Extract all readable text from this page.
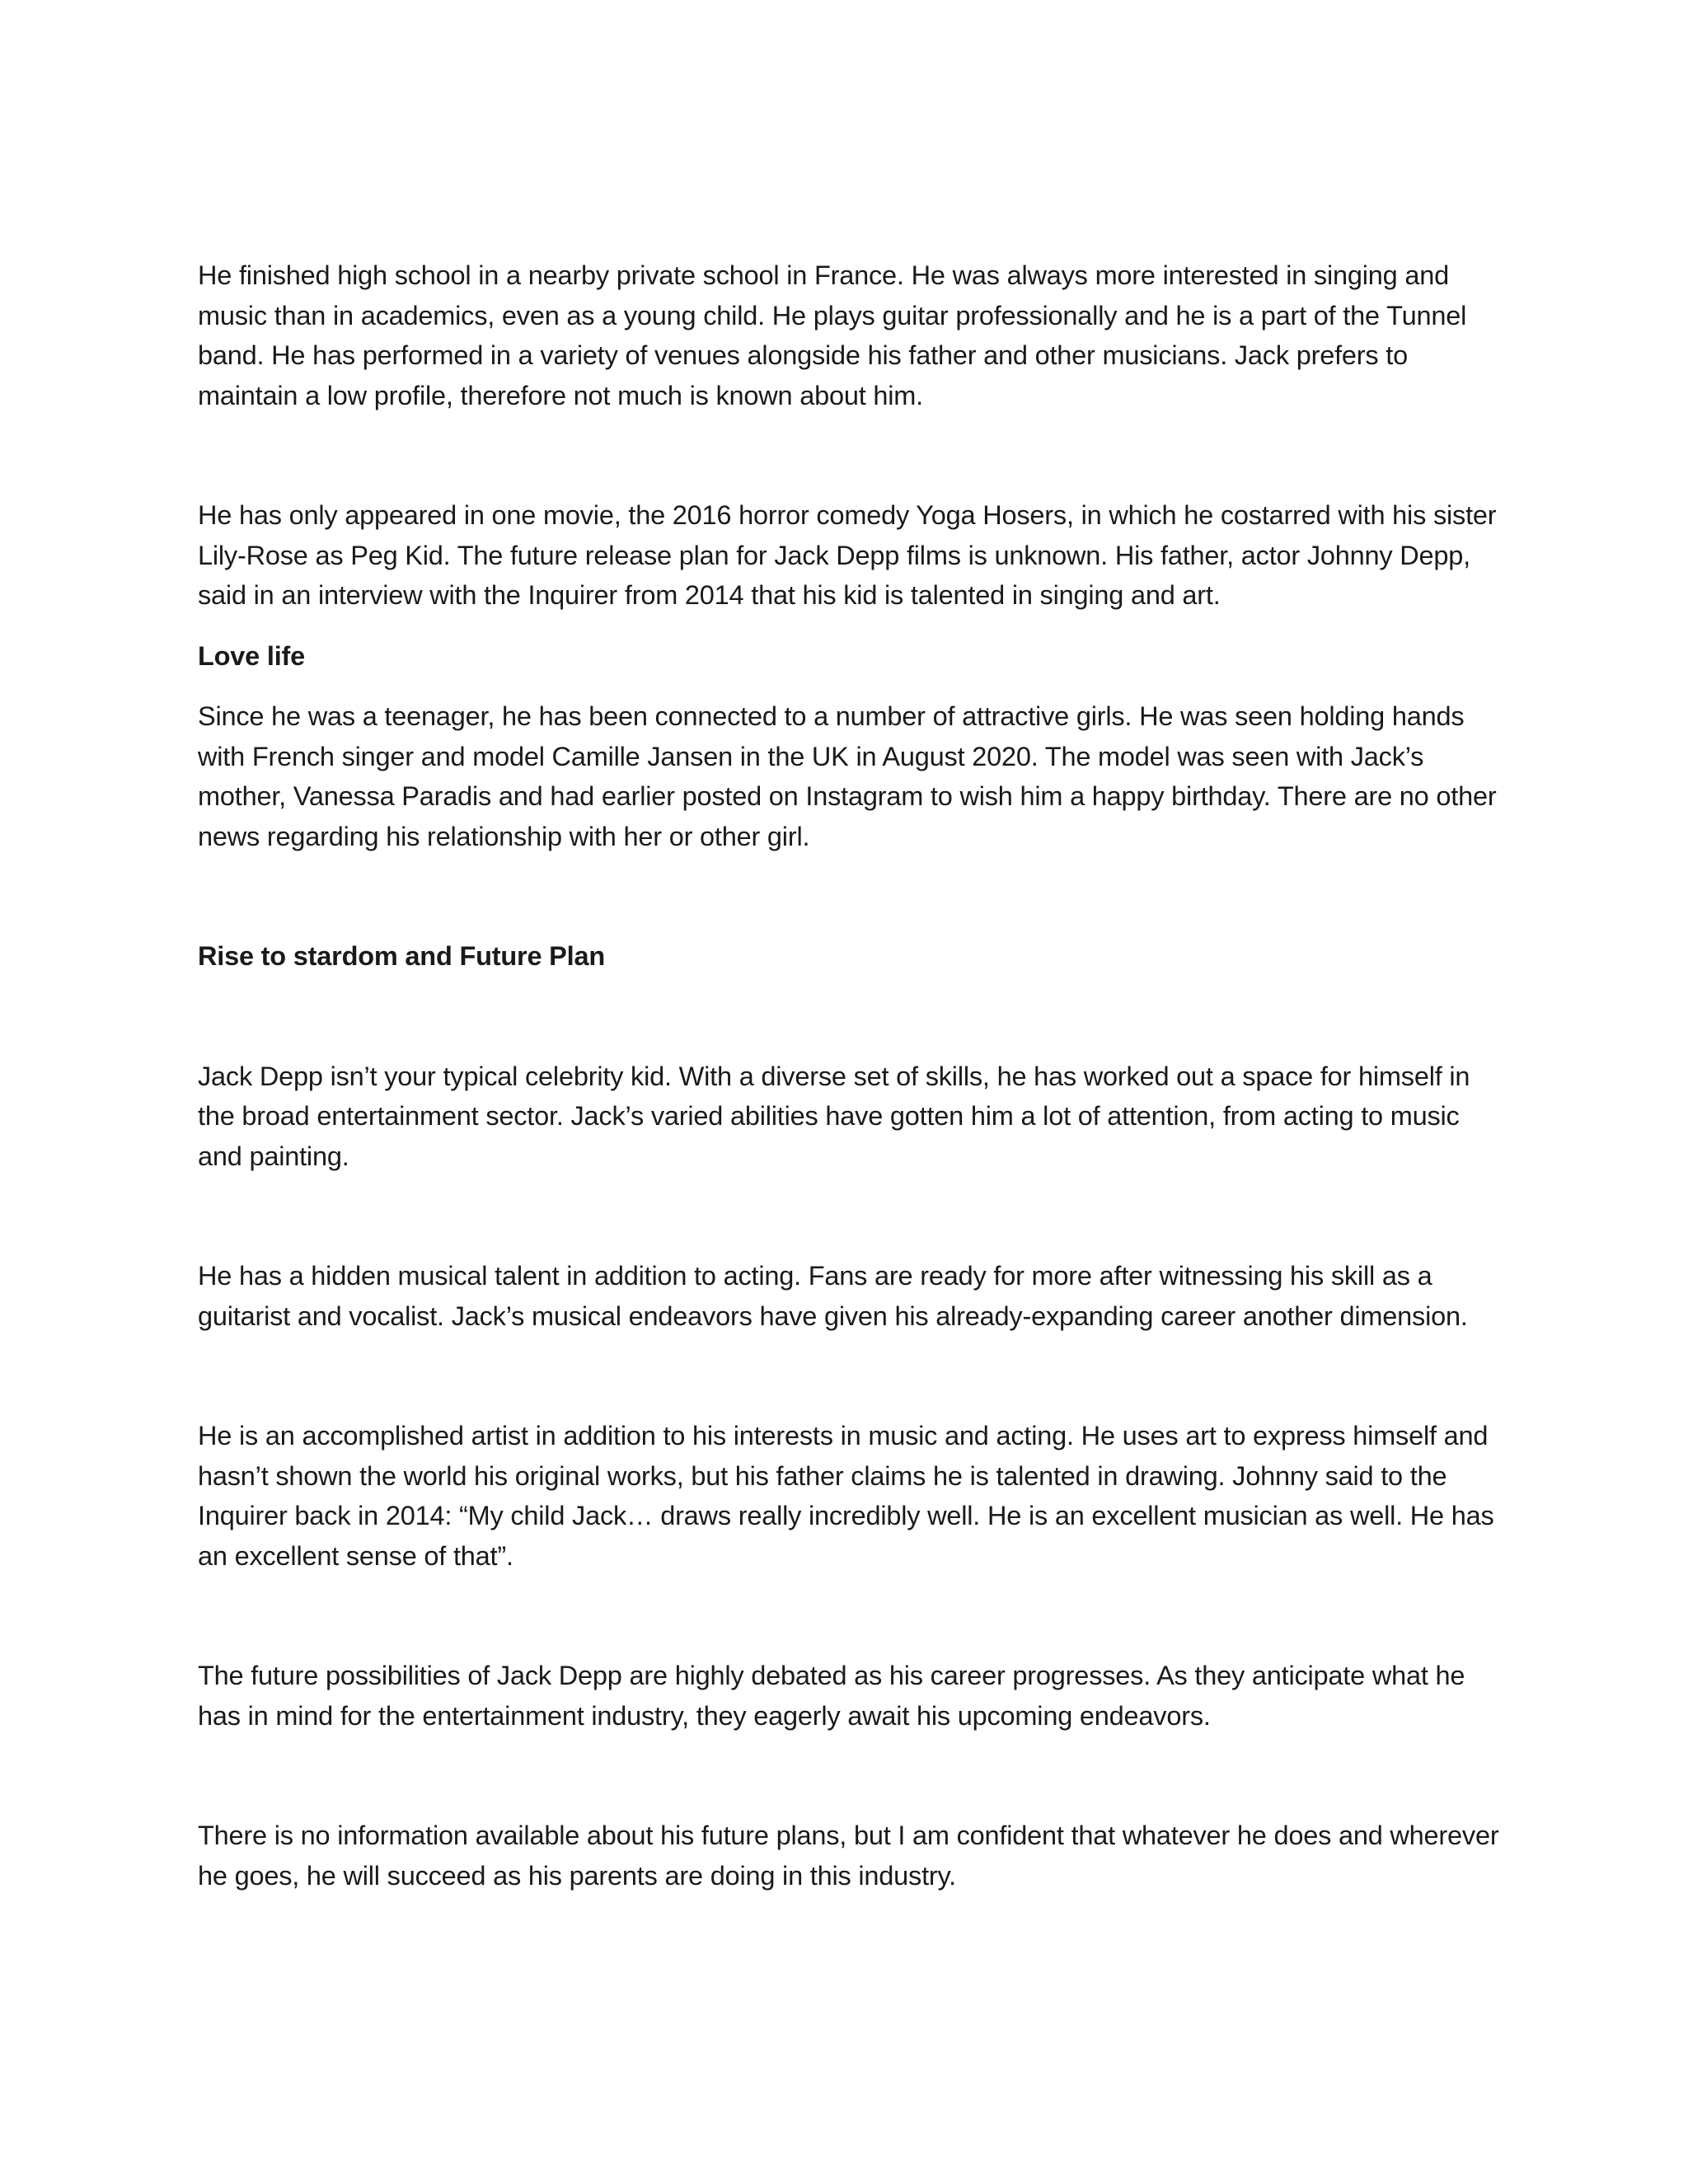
He finished high school in a nearby private school in France. He was always more interested in singing and music than in academics, even as a young child. He plays guitar professionally and he is a part of the Tunnel band. He has performed in a variety of venues alongside his father and other musicians. Jack prefers to maintain a low profile, therefore not much is known about him.

He has only appeared in one movie, the 2016 horror comedy Yoga Hosers, in which he costarred with his sister Lily-Rose as Peg Kid. The future release plan for Jack Depp films is unknown. His father, actor Johnny Depp, said in an interview with the Inquirer from 2014 that his kid is talented in singing and art.

Love life

Since he was a teenager, he has been connected to a number of attractive girls. He was seen holding hands with French singer and model Camille Jansen in the UK in August 2020. The model was seen with Jack’s mother, Vanessa Paradis and had earlier posted on Instagram to wish him a happy birthday. There are no other news regarding his relationship with her or other girl.

Rise to stardom and Future Plan

Jack Depp isn’t your typical celebrity kid. With a diverse set of skills, he has worked out a space for himself in the broad entertainment sector. Jack’s varied abilities have gotten him a lot of attention, from acting to music and painting.

He has a hidden musical talent in addition to acting. Fans are ready for more after witnessing his skill as a guitarist and vocalist. Jack’s musical endeavors have given his already-expanding career another dimension.

He is an accomplished artist in addition to his interests in music and acting. He uses art to express himself and hasn’t shown the world his original works, but his father claims he is talented in drawing. Johnny said to the Inquirer back in 2014: “My child Jack… draws really incredibly well. He is an excellent musician as well. He has an excellent sense of that”.

The future possibilities of Jack Depp are highly debated as his career progresses. As they anticipate what he has in mind for the entertainment industry, they eagerly await his upcoming endeavors.

There is no information available about his future plans, but I am confident that whatever he does and wherever he goes, he will succeed as his parents are doing in this industry.
